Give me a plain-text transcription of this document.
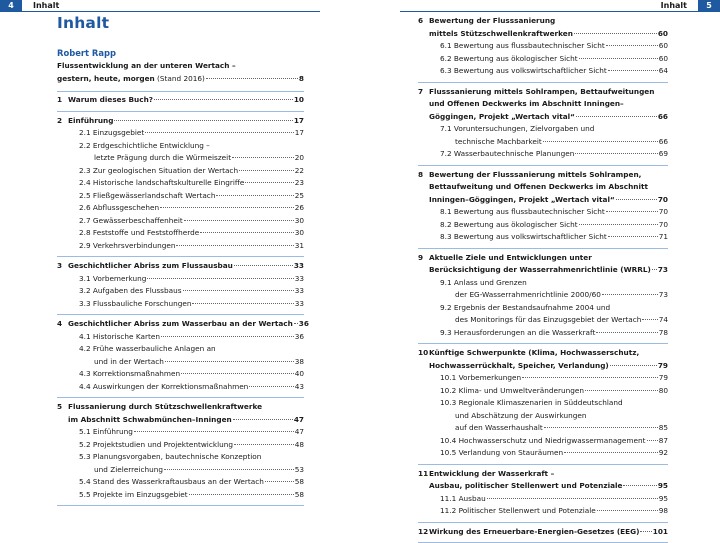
4	Inhalt
Inhalt
Robert Rapp
Flussentwicklung an der unteren Wertach –
gestern, heute, morgen (Stand 2016)	8
1 Warum dieses Buch?	10
2 Einführung	17
2.1 Einzugsgebiet	17
2.2 Erdgeschichtliche Entwicklung –
letzte Prägung durch die Würmeiszeit	20
2.3 Zur geologischen Situation der Wertach	22
2.4 Historische landschaftskulturelle Eingriffe	23
2.5 Fließgewässerlandschaft Wertach	25
2.6 Abflussgeschehen	26
2.7 Gewässerbeschaffenheit	30
2.8 Feststoffe und Feststoffherde	30
2.9 Verkehrsverbindungen	31
3 Geschichtlicher Abriss zum Flussausbau	33
3.1 Vorbemerkung	33
3.2 Aufgaben des Flussbaus	33
3.3 Flussbauliche Forschungen	33
4 Geschichtlicher Abriss zum Wasserbau an der Wertach 36
4.1 Historische Karten	36
4.2 Frühe wasserbauliche Anlagen an
und in der Wertach	38
4.3 Korrektionsmaßnahmen	40
4.4 Auswirkungen der Korrektionsmaßnahmen	43
5 Flussanierung durch Stützschwellenkraftwerke
im Abschnitt Schwabmünchen–Inningen	47
5.1 Einführung	47
5.2 Projektstudien und Projektentwicklung	48
5.3 Planungsvorgaben, bautechnische Konzeption
und Zielerreichung	53
5.4 Stand des Wasserkraftausbaus an der Wertach	58
5.5 Projekte im Einzugsgebiet	58
Inhalt	5
6 Bewertung der Flusssanierung
mittels Stützschwellenkraftwerken	60
6.1 Bewertung aus flussbautechnischer Sicht	60
6.2 Bewertung aus ökologischer Sicht	60
6.3 Bewertung aus volkswirtschaftlicher Sicht	64
7 Flusssanierung mittels Sohlrampen, Bettaufweitungen
und Offenen Deckwerks im Abschnitt Inningen–
Göggingen, Projekt „Wertach vital“	66
7.1 Voruntersuchungen, Zielvorgaben und
technische Machbarkeit	66
7.2 Wasserbautechnische Planungen	69
8 Bewertung der Flusssanierung mittels Sohlrampen,
Bettaufweitung und Offenen Deckwerks im Abschnitt
Inningen–Göggingen, Projekt „Wertach vital“	70
8.1 Bewertung aus flussbautechnischer Sicht	70
8.2 Bewertung aus ökologischer Sicht	70
8.3 Bewertung aus volkswirtschaftlicher Sicht	71
9 Aktuelle Ziele und Entwicklungen unter
Berücksichtigung der Wasserrahmenrichtlinie (WRRL) 73
9.1 Anlass und Grenzen
der EG-Wasserrahmenrichtlinie 2000/60	73
9.2 Ergebnis der Bestandsaufnahme 2004 und
des Monitorings für das Einzugsgebiet der Wertach 74
9.3 Herausforderungen an die Wasserkraft	78
10 Künftige Schwerpunkte (Klima, Hochwasserschutz,
Hochwasserrückhalt, Speicher, Verlandung)	79
10.1 Vorbemerkungen	79
10.2 Klima- und Umweltveränderungen	80
10.3 Regionale Klimaszenarien in Süddeutschland
und Abschätzung der Auswirkungen
auf den Wasserhaushalt	85
10.4 Hochwasserschutz und Niedrigwassermanagement 87
10.5 Verlandung von Stauräumen	92
11 Entwicklung der Wasserkraft –
Ausbau, politischer Stellenwert und Potenziale	95
11.1 Ausbau	95
11.2 Politischer Stellenwert und Potenziale	98
12 Wirkung des Erneuerbare-Energien-Gesetzes (EEG) 101
